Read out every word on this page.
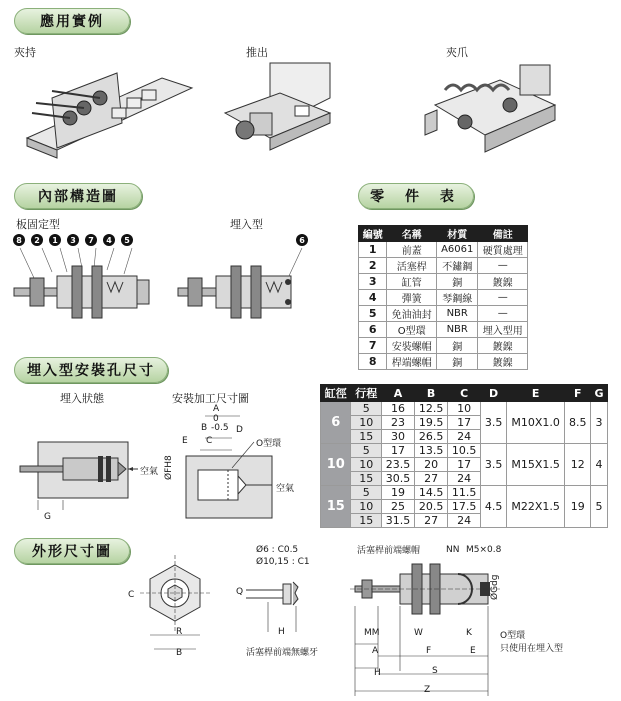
應用實例
夾持	推出	夾爪
內部構造圖
板固定型	埋入型
8	2	1	3	7	4	5	6
零 件 表
編號	名稱	材質	備註
1	前蓋	A6061	硬質處理
2	活塞桿	不鏽鋼	—
3	缸管	銅	鍍鎳
4	彈簧	琴鋼線	—
5	免油油封	NBR	—
6	O型環	NBR	埋入型用
7	安裝螺帽	銅	鍍鎳
8	桿端螺帽	銅	鍍鎳
埋入型安裝孔尺寸
埋入狀態	安裝加工尺寸圖
空氣
G
A
0
B -0.5 D
E C	O型環
ØFH8
空氣
缸徑	行程	A	B	C	D	E	F	G
6	5	16	12.5	10	3.5	M10X1.0	8.5	3
	10	23	19.5	17				
	15	30	26.5	24				
10	5	17	13.5	10.5	3.5	M15X1.5	12	4
	10	23.5	20	17				
	15	30.5	27	24				
15	5	19	14.5	11.5	4.5	M22X1.5	19	5
	10	25	20.5	17.5				
	15	31.5	27	24				
外形尺寸圖
C
R
B
Ø6 : C0.5
Ø10,15 : C1
Q
H
活塞桿前端無螺牙
活塞桿前端螺帽	NN M5×0.8
ØGdg
MM	W	K	O型環
只使用在埋入型
A	F	E
H	S
Z
